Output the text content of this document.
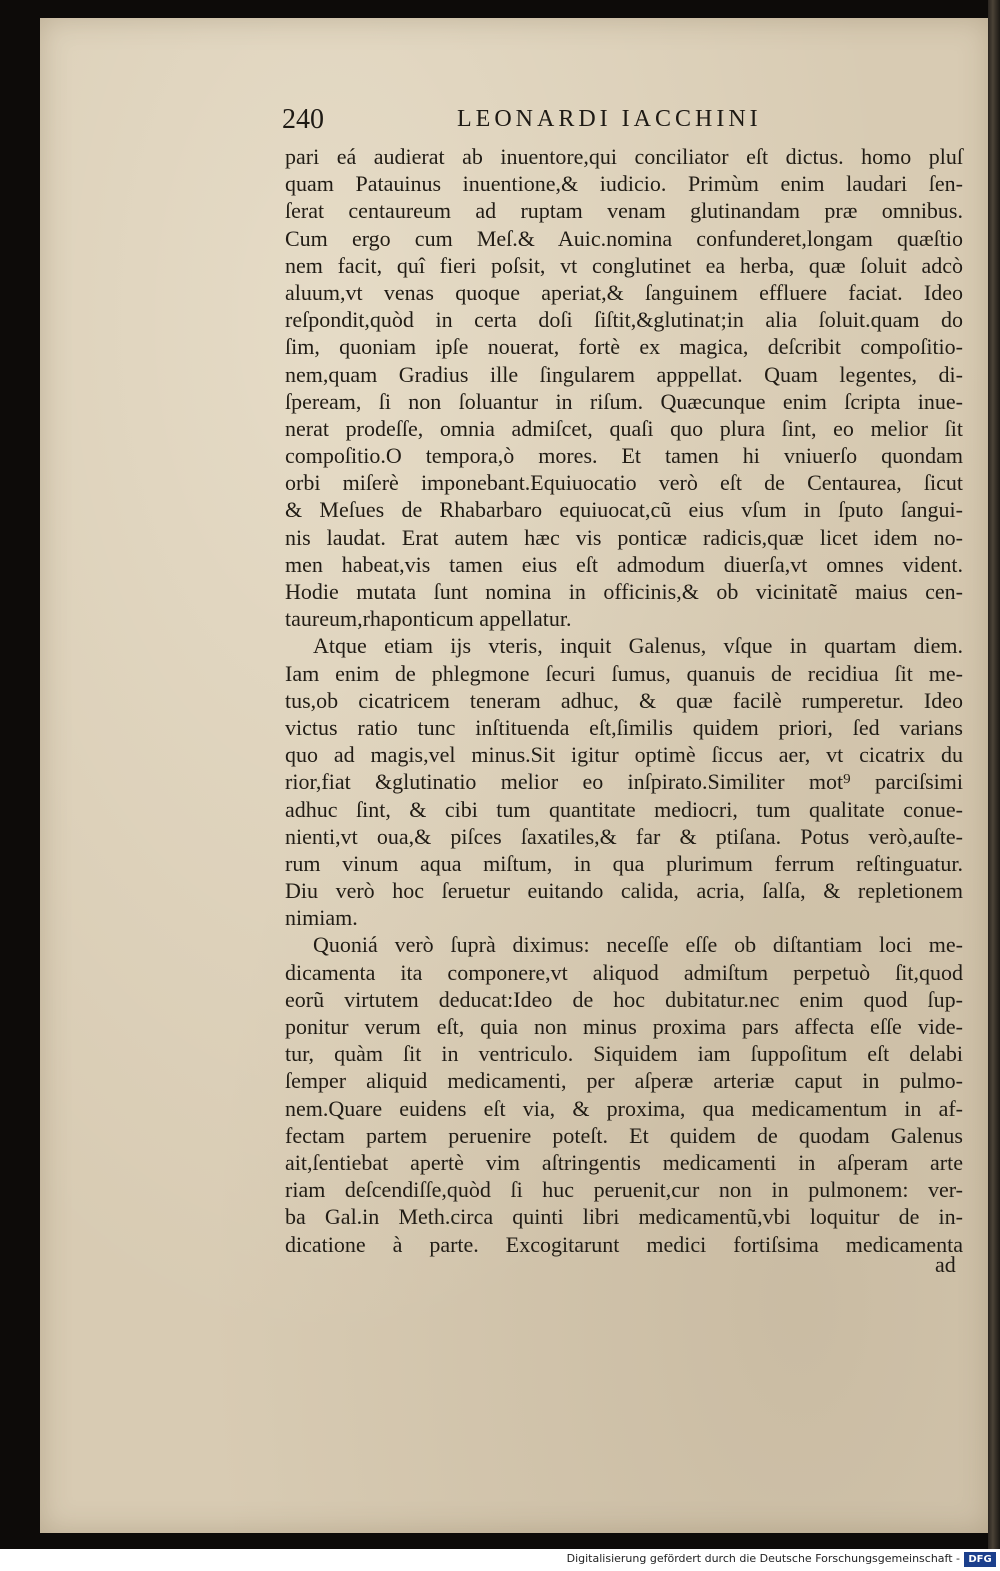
240	LEONARDI IACCHINI
pari eá audierat ab inuentore,qui conciliator eſt dictus. homo pluſ
quam Patauinus inuentione,& iudicio. Primùm enim laudari ſen-
ſerat centaureum ad ruptam venam glutinandam præ omnibus.
Cum ergo cum Meſ.& Auic.nomina confunderet,longam quæſtio
nem facit, quî fieri poſsit, vt conglutinet ea herba, quæ ſoluit adcò
aluum,vt venas quoque aperiat,& ſanguinem effluere faciat. Ideo
reſpondit,quòd in certa doſi ſiſtit,&glutinat;in alia ſoluit.quam do
ſim, quoniam ipſe nouerat, fortè ex magica, deſcribit compoſitio-
nem,quam Gradius ille ſingularem apppellat. Quam legentes, di-
ſpeream, ſi non ſoluantur in riſum. Quæcunque enim ſcripta inue-
nerat prodeſſe, omnia admiſcet, quaſi quo plura ſint, eo melior ſit
compoſitio.O tempora,ò mores. Et tamen hi vniuerſo quondam
orbi miſerè imponebant.Equiuocatio verò eſt de Centaurea, ſicut
& Meſues de Rhabarbaro equiuocat,cũ eius vſum in ſputo ſangui-
nis laudat. Erat autem hæc vis ponticæ radicis,quæ licet idem no-
men habeat,vis tamen eius eſt admodum diuerſa,vt omnes vident.
Hodie mutata ſunt nomina in officinis,& ob vicinitatẽ maius cen-
taureum,rhaponticum appellatur.
Atque etiam ijs vteris, inquit Galenus, vſque in quartam diem.
Iam enim de phlegmone ſecuri ſumus, quanuis de recidiua ſit me-
tus,ob cicatricem teneram adhuc, & quæ facilè rumperetur. Ideo
victus ratio tunc inſtituenda eſt,ſimilis quidem priori, ſed varians
quo ad magis,vel minus.Sit igitur optimè ſiccus aer, vt cicatrix du
rior,fiat &glutinatio melior eo inſpirato.Similiter mot⁹ parciſsimi
adhuc ſint, & cibi tum quantitate mediocri, tum qualitate conue-
nienti,vt oua,& piſces ſaxatiles,& far & ptiſana. Potus verò,auſte-
rum vinum aqua miſtum, in qua plurimum ferrum reſtinguatur.
Diu verò hoc ſeruetur euitando calida, acria, ſalſa, & repletionem
nimiam.
Quoniá verò ſuprà diximus: neceſſe eſſe ob diſtantiam loci me-
dicamenta ita componere,vt aliquod admiſtum perpetuò ſit,quod
eorũ virtutem deducat:Ideo de hoc dubitatur.nec enim quod ſup-
ponitur verum eſt, quia non minus proxima pars affecta eſſe vide-
tur, quàm ſit in ventriculo. Siquidem iam ſuppoſitum eſt delabi
ſemper aliquid medicamenti, per aſperæ arteriæ caput in pulmo-
nem.Quare euidens eſt via, & proxima, qua medicamentum in af-
fectam partem peruenire poteſt. Et quidem de quodam Galenus
ait,ſentiebat apertè vim aſtringentis medicamenti in aſperam arte
riam deſcendiſſe,quòd ſi huc peruenit,cur non in pulmonem: ver-
ba Gal.in Meth.circa quinti libri medicamentũ,vbi loquitur de in-
dicatione à parte. Excogitarunt medici fortiſsima medicamenta
ad
Digitalisierung gefördert durch die Deutsche Forschungsgemeinschaft - DFG
